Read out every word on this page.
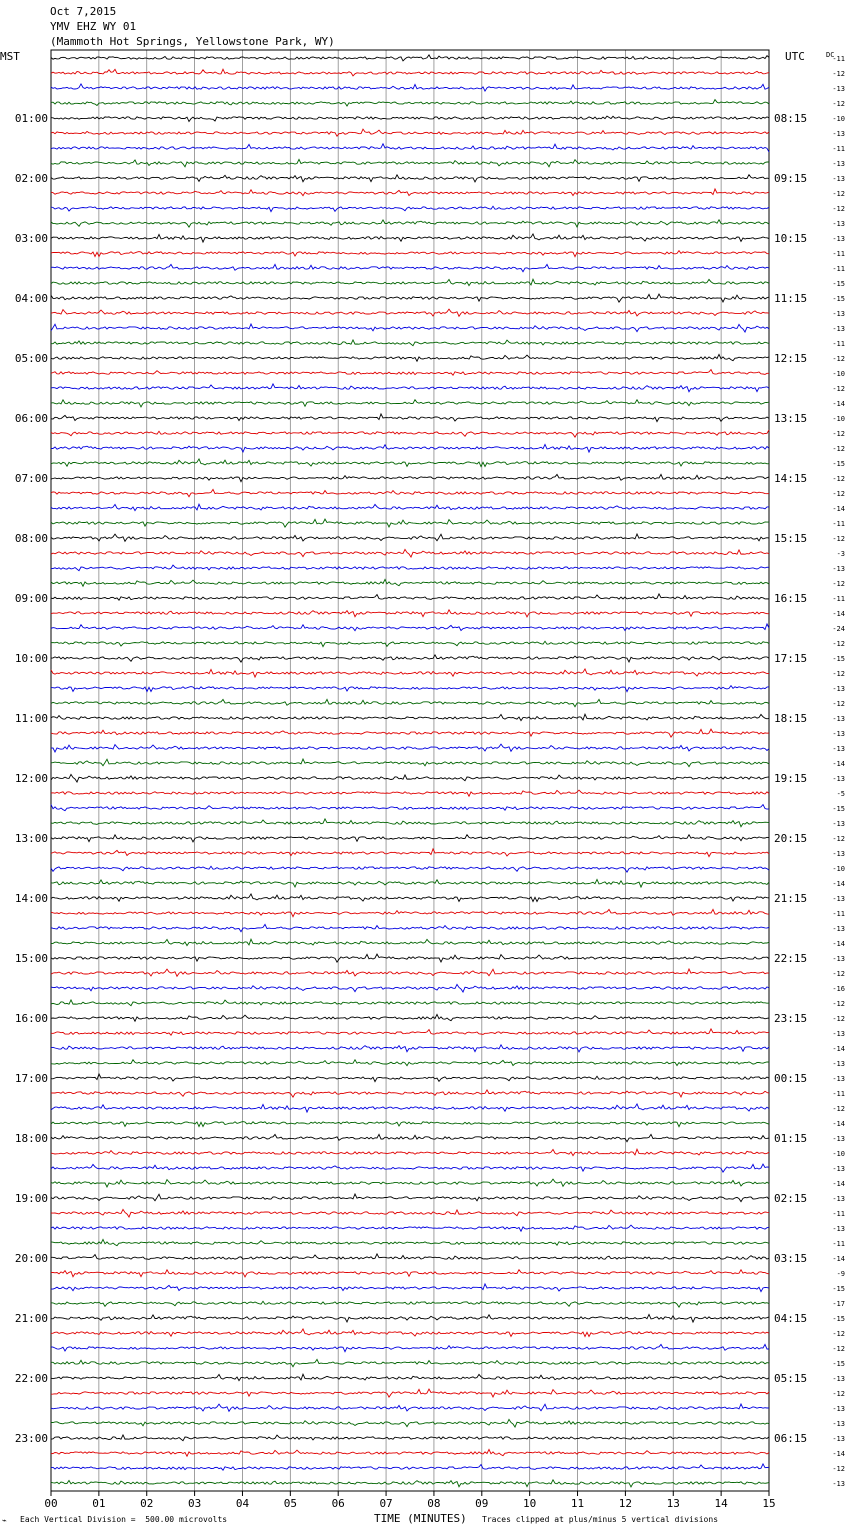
Oct 7,2015
YMV EHZ WY 01
(Mammoth Hot Springs, Yellowstone Park, WY)
-11
-12
-13
-12
-10
-13
-11
-13
-13
-12
-12
-13
-13
-11
-11
-15
-15
-13
-13
-11
-12
-10
-12
-14
-10
-12
-12
-15
-12
-12
-14
-11
-12
-3
-13
-12
-11
-14
-24
-12
-15
-12
-13
-12
-13
-13
-13
-14
-13
-5
-15
-13
-12
-13
-10
-14
-13
-11
-13
-14
-13
-12
-16
-12
-12
-13
-14
-13
-13
-11
-12
-14
-13
-10
-13
-14
-13
-11
-13
-11
-14
-9
-15
-17
-15
-12
-12
-15
-13
-12
-13
-13
-13
-14
-12
-13
01:00
02:00
03:00
04:00
05:00
06:00
07:00
08:00
09:00
10:00
11:00
12:00
13:00
14:00
15:00
16:00
17:00
18:00
19:00
20:00
21:00
22:00
23:00
08:15
09:15
10:15
11:15
12:15
13:15
14:15
15:15
16:15
17:15
18:15
19:15
20:15
21:15
22:15
23:15
00:15
01:15
02:15
03:15
04:15
05:15
06:15
00	01	02	03	04	05	06	07	08	09	10	11	12	13	14	15
MST	UTC	DC
⌁ Each Vertical Division =  500.00 microvolts	TIME (MINUTES) Traces clipped at plus/minus 5 vertical divisions
